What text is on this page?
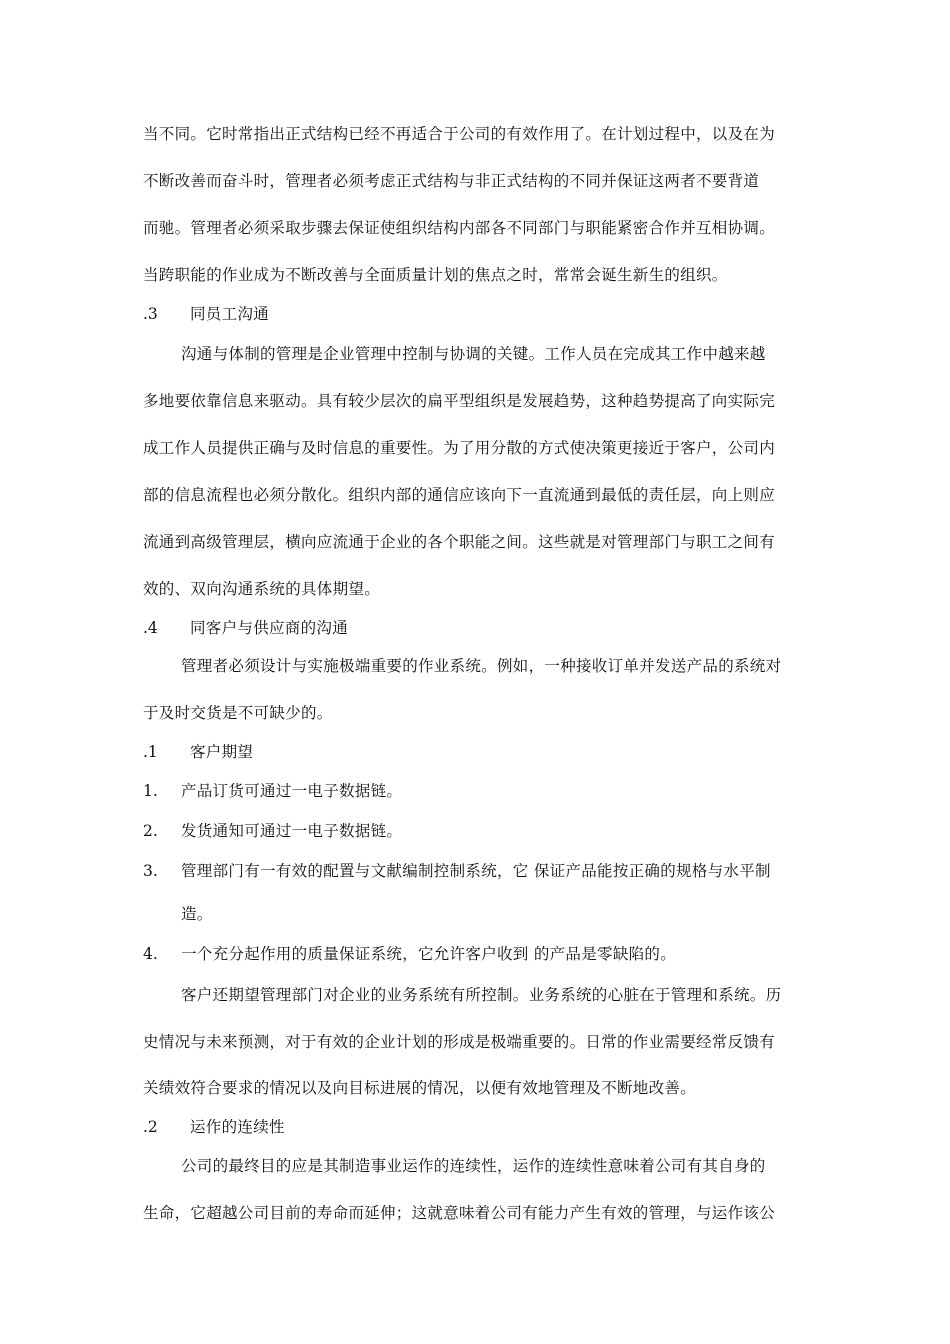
当不同。它时常指出正式结构已经不再适合于公司的有效作用了。在计划过程中，以及在为
不断改善而奋斗时，管理者必须考虑正式结构与非正式结构的不同并保证这两者不要背道
而驰。管理者必须采取步骤去保证使组织结构内部各不同部门与职能紧密合作并互相协调。
当跨职能的作业成为不断改善与全面质量计划的焦点之时，常常会诞生新生的组织。
.3 同员工沟通
沟通与体制的管理是企业管理中控制与协调的关键。工作人员在完成其工作中越来越
多地要依靠信息来驱动。具有较少层次的扁平型组织是发展趋势，这种趋势提高了向实际完
成工作人员提供正确与及时信息的重要性。为了用分散的方式使决策更接近于客户，公司内
部的信息流程也必须分散化。组织内部的通信应该向下一直流通到最低的责任层，向上则应
流通到高级管理层，横向应流通于企业的各个职能之间。这些就是对管理部门与职工之间有
效的、双向沟通系统的具体期望。
.4 同客户与供应商的沟通
管理者必须设计与实施极端重要的作业系统。例如，一种接收订单并发送产品的系统对
于及时交货是不可缺少的。
.1 客户期望
1. 产品订货可通过一电子数据链。
2. 发货通知可通过一电子数据链。
3. 管理部门有一有效的配置与文献编制控制系统，它 保证产品能按正确的规格与水平制
造。
4. 一个充分起作用的质量保证系统，它允许客户收到 的产品是零缺陷的。
客户还期望管理部门对企业的业务系统有所控制。业务系统的心脏在于管理和系统。历
史情况与未来预测，对于有效的企业计划的形成是极端重要的。日常的作业需要经常反馈有
关绩效符合要求的情况以及向目标进展的情况，以便有效地管理及不断地改善。
.2 运作的连续性
公司的最终目的应是其制造事业运作的连续性，运作的连续性意味着公司有其自身的
生命，它超越公司目前的寿命而延伸；这就意味着公司有能力产生有效的管理，与运作该公
